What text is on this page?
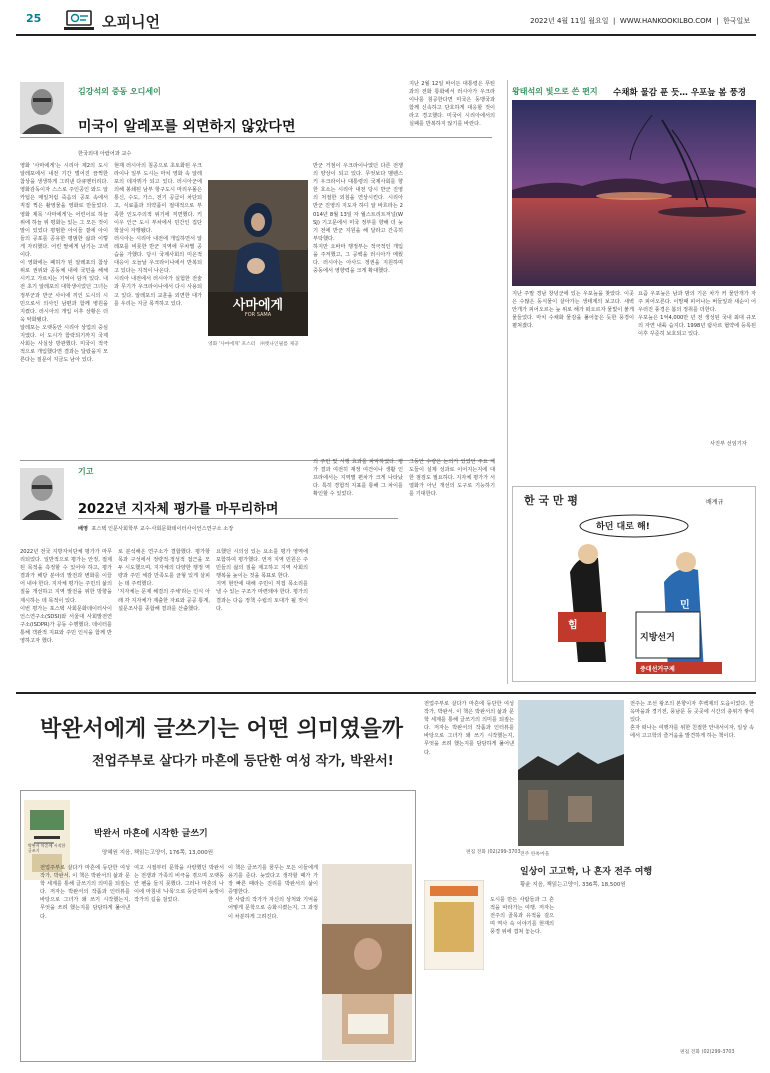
25	오피니언	2022년 4월 11일 월요일  |  WWW.HANKOOKILBO.COM  |  한국일보
김강석의 중동 오디세이
미국이 알레포를 외면하지 않았다면
한국외대 아랍어과 교수

영화 '사마에게'는 시리아 제2의 도시 알레포에서 내전 기간 벌어진 끔찍한 참상을 생생하게 그려낸 다큐멘터리다. 영화감독이자 스스로 주인공인 와드 알 카팁은 매일처럼 죽음의 공포 속에서 직접 찍은 촬영물을 영화로 만들었다. 영화 제목 '사마에게'는 어린이로 하늘 위에 하늘 위 평화는 있는 그 모든 것이 말이 있었다 평범한 아이들 곁에 아이들의 공포를 공유한 평범한 삶과 이렇게 자리했다. 어린 딸에게 남기는 고백이다.

이 영화에는 폐허가 된 알레포의 참상 위로 권위와 공동체 내에 국민을 해체시키고 가르치는 기억이 담겨 있다. 내전 초기 알레포의 대학생이었던 그녀는 정부군과 반군 사이에 끼인 도시의 시민으로서 의사인 남편과 함께 병원을 지켰다. 러시아의 개입 이후 상황은 더욱 악화됐다.

알레포는 오랫동안 시리아 상업의 중심지였다. 이 도시가 함락되기까지 국제사회는 사실상 방관했다. 미국이 적극적으로 개입했다면 결과는 달랐을지 모른다는 질문이 지금도 남아 있다.

현재 러시아의 침공으로 초토화된 우크라이나 일부 도시는 마치 영화 속 알레포의 데자뷔가 되고 있다. 러시아군에 의해 봉쇄된 남부 항구도시 마리우폴은 통신, 수도, 가스, 전기 공급이 차단되고, 식료품과 의약품이 절대적으로 부족한 인도주의적 위기에 직면했다. 키이우 인근 도시 부차에서 민간인 집단 학살이 자행됐다.

러시아는 시리아 내전에 개입하면서 알레포를 비롯한 반군 지역에 무차별 공습을 가했다. 당시 국제사회의 미온적 대응이 오늘날 우크라이나에서 반복되고 있다는 지적이 나온다.

시리아 내전에서 러시아가 실험한 전술과 무기가 우크라이나에서 다시 사용되고 있다. 알레포의 교훈을 외면한 대가를 우리는 지금 목격하고 있다.

반군 거점이 우크라이나였던 다른 전쟁의 양상이 되고 있다. 무엇보다 벨렌스키 우크라이나 대통령의 국제사회를 향한 호소는 시리아 내전 당시 반군 진영의 처절한 외침을 연상시킨다. 시리아 반군 진영의 지도자 하디 알 바흐라는 2014년 8월 13일 자 월스트리트저널(WSJ) 기고문에서 미국 정부를 향해 더 늦기 전에 반군 지원을 해 달라고 간곡히 부탁했다.

하지만 오바마 행정부는 적극적인 개입을 주저했고, 그 공백을 러시아가 메웠다. 러시아는 아사드 정권을 지원하며 중동에서 영향력을 크게 확대했다.

지난 2월 12일 바이든 대통령은 푸틴과의 전화 통화에서 러시아가 우크라이나를 침공한다면 미국은 동맹국과 함께 신속하고 단호하게 대응할 것이라고 경고했다. 미국이 시리아에서의 실패를 반복하지 않기를 바란다.

사마에게
FOR SAMA
영화 '사마에게' 포스터 ㈜엣나인필름 제공
기고
2022년 지자체 평가를 마무리하며
배영 포스텍 인문사회학부 교수·사회문화데이터사이언스연구소 소장

2022년 전국 지방자치단체 평가가 마무리되었다. 일반적으로 평가는 안정, 절제된 목적을 측정할 수 있어야 하고, 평가 결과가 해당 분야의 발전과 변화를 이끌어 내야 한다. 지자체 평가는 주민의 삶의 질을 개선하고 지역 발전을 위한 방향을 제시하는 데 목적이 있다.

이번 평가는 포스텍 사회문화데이터사이언스연구소(SDSI)와 서울대 사회발전연구소(ISDPR)가 공동 수행했다. 데이터를 통해 객관적 지표와 주민 인식을 함께 반영하고자 했다.

로 분석해온 연구소가 결합했다. 평가항목과 구성에서 정량적·정성적 접근을 모두 시도했으며, 지자체의 다양한 행정 역량과 주민 체감 만족도를 균형 있게 살피는 데 주력했다.

'지자체는 문제 해결의 주체'라는 인식 아래 각 지자체가 제출한 자료와 공공 통계, 설문조사를 종합해 결과를 산출했다.

요했던 시의성 있는 요소를 평가 영역에 포함하여 평가했다. 먼저 지역 민원은 주민들의 삶의 질을 제고하고 지역 사회의 행복을 높이는 것을 목표로 한다.

지역 현안에 대해 주민이 직접 목소리를 낼 수 있는 구조가 마련돼야 한다. 평가의 결과는 다음 정책 수립의 토대가 될 것이다.

의 주민 및 시행 효과를 파악하였다. 평가 결과 여전히 재정 여건이나 생활 인프라에서는 지역별 편차가 크게 나타났다. 특히 경험적 지표를 통해 그 차이를 확인할 수 있었다.

그동안 수량은 논의가 있었던 주요 제도들이 실제 성과로 이어지는지에 대한 점검도 필요하다. 지자체 평가가 서열화가 아닌 개선의 도구로 기능하기를 기대한다.

왕태석의 빛으로 쓴 편지 수채화 물감 푼 듯… 우포늪 봄 풍경

지난 주말 경남 창녕군에 있는 우포늪을 찾았다. 이곳은 수많은 동식물이 살아가는 생태계의 보고다. 새벽 안개가 피어오르는 늪 위로 해가 떠오르자 물빛이 붉게 물들었다. 마치 수채화 물감을 풀어놓은 듯한 풍경이 펼쳐졌다.

요즘 우포늪은 남과 밤의 기온 차가 커 물안개가 자주 피어오른다. 이맘때 피어나는 버들잎과 새순이 어우러진 풍경은 봄의 정취를 더한다.

우포늪은 1억4,000만 년 전 생성된 국내 최대 규모의 자연 내륙 습지다. 1998년 람사르 협약에 등록된 이후 꾸준히 보호되고 있다.

사진부 선임기자
한 국 만 평	배계규
하던 대로 해!
힘
민
지방선거
중대선거구제
박완서에게 글쓰기는 어떤 의미였을까
전업주부로 살다가 마흔에 등단한 여성 작가, 박완서!
박완서 마흔에 시작한 글쓰기
양혜원 지음, 책읽는고양이, 176쪽, 13,000원
박완서 마흔에 시작한 글쓰기

전업주부로 살다가 마흔에 등단한 여성 작가, 박완서. 이 책은 박완서의 삶과 문학 세계를 통해 글쓰기의 의미를 되짚는다. 저자는 박완서의 작품과 인터뷰를 바탕으로 그녀가 왜 쓰기 시작했는지, 무엇을 쓰려 했는지를 담담하게 풀어낸다.

여고 시절부터 문학을 사랑했던 박완서는 전쟁과 가족의 비극을 겪으며 오랫동안 펜을 들지 못했다. 그러나 마흔의 나이에 마침내 '나목'으로 등단하며 늦깎이 작가의 길을 걸었다.

이 책은 글쓰기를 꿈꾸는 모든 이들에게 용기를 준다. 늦었다고 생각할 때가 가장 빠른 때라는 진리를 박완서의 삶이 증명한다.

한 사람의 작가가 자신의 상처와 기억을 어떻게 문학으로 승화시켰는지, 그 과정이 차분하게 그려진다.

전업주부로 살다가 마흔에 등단한 여성 작가, 박완서. 이 책은 박완서의 삶과 문학 세계를 통해 글쓰기의 의미를 되짚는다. 저자는 박완서의 작품과 인터뷰를 바탕으로 그녀가 왜 쓰기 시작했는지, 무엇을 쓰려 했는지를 담담하게 풀어낸다.

편집 전화 (02)299-3703 전주 한옥마을

전주는 조선 왕조의 본향이자 후백제의 도읍이었다. 한옥마을과 경기전, 풍남문 등 곳곳에 시간의 층위가 쌓여 있다.

혼자 떠나는 여행자를 위한 친절한 안내서이자, 일상 속에서 고고학의 즐거움을 발견하게 하는 책이다.

일상이 고고학, 나 혼자 전주 여행
황윤 지음, 책읽는고양이, 336쪽, 18,500원

도시를 만든 사람들과 그 흔적을 따라가는 여행. 저자는 전주의 골목과 유적을 걸으며 역사 속 이야기를 현재의 풍경 위에 겹쳐 놓는다.

편집 전화 (02)299-3703
